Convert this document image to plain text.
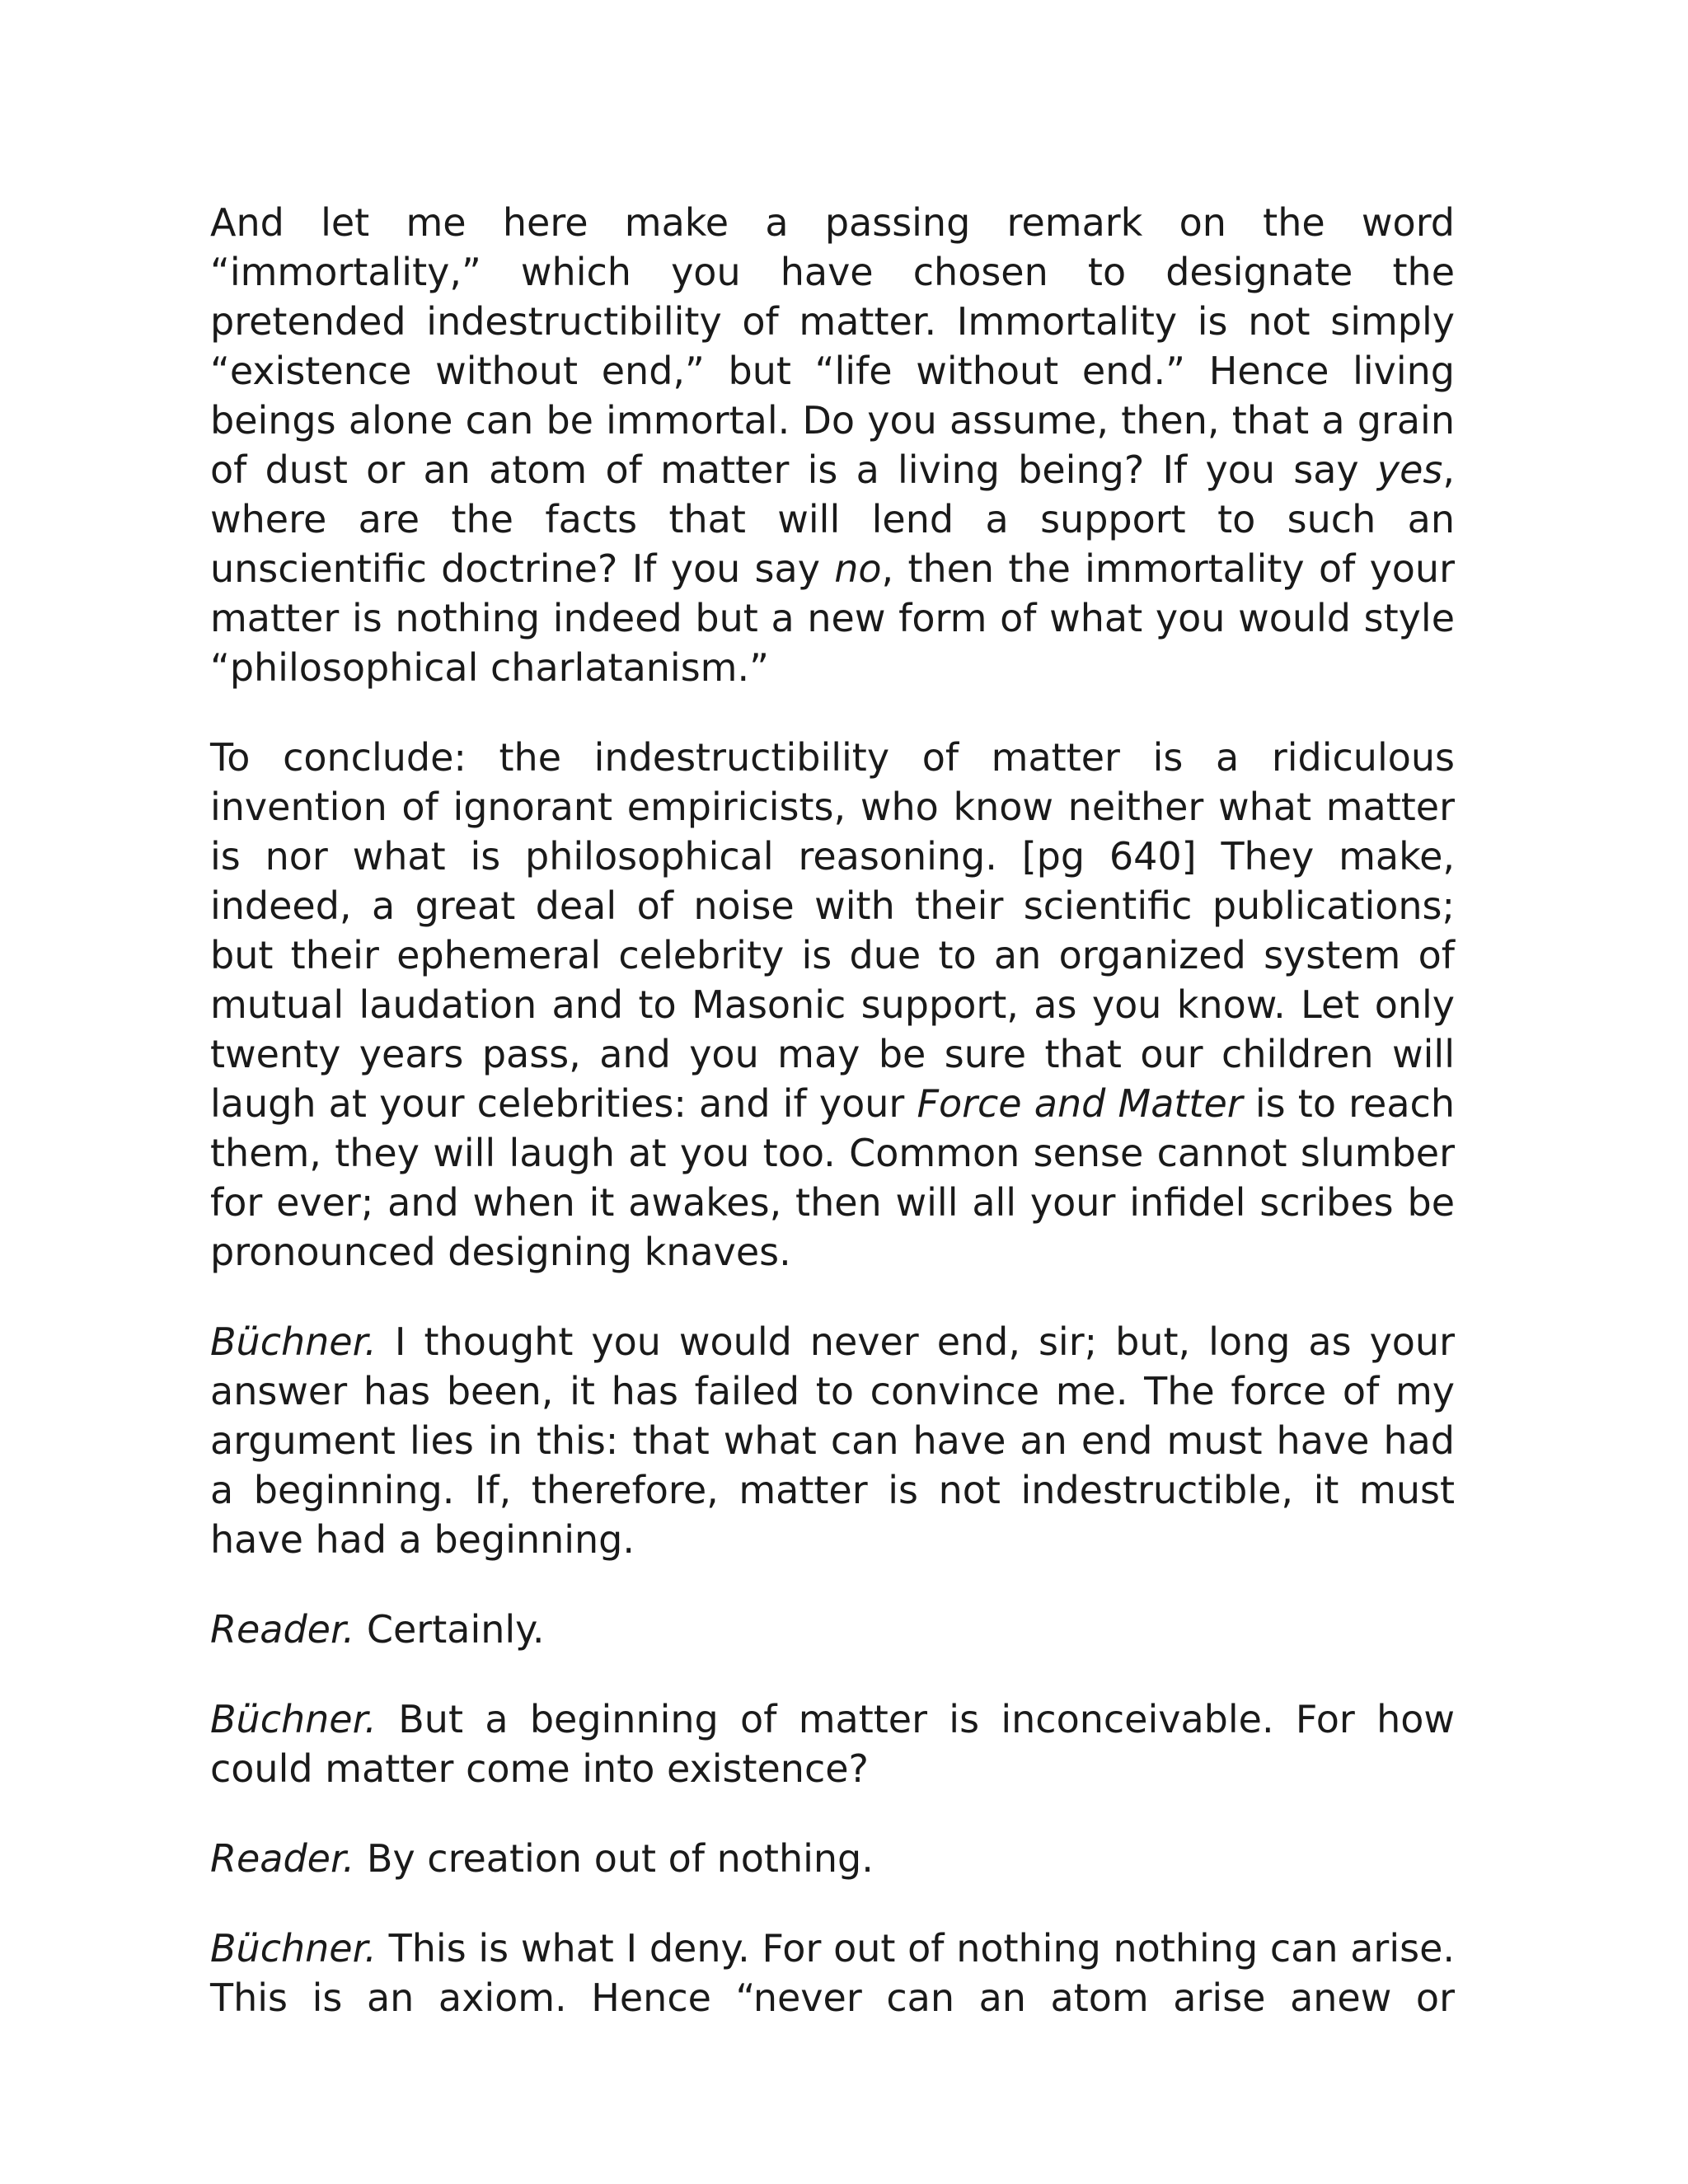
And let me here make a passing remark on the word “immortality,” which you have chosen to designate the pretended indestructibility of matter. Immortality is not simply “existence without end,” but “life without end.” Hence living beings alone can be immortal. Do you assume, then, that a grain of dust or an atom of matter is a living being? If you say yes, where are the facts that will lend a support to such an unscientific doctrine? If you say no, then the immortality of your matter is nothing indeed but a new form of what you would style “philosophical charlatanism.”

To conclude: the indestructibility of matter is a ridiculous invention of ignorant empiricists, who know neither what matter is nor what is philosophical reasoning. [pg 640] They make, indeed, a great deal of noise with their scientific publications; but their ephemeral celebrity is due to an organized system of mutual laudation and to Masonic support, as you know. Let only twenty years pass, and you may be sure that our children will laugh at your celebrities: and if your Force and Matter is to reach them, they will laugh at you too. Common sense cannot slumber for ever; and when it awakes, then will all your infidel scribes be pronounced designing knaves.

Büchner. I thought you would never end, sir; but, long as your answer has been, it has failed to convince me. The force of my argument lies in this: that what can have an end must have had a beginning. If, therefore, matter is not indestructible, it must have had a beginning.

Reader. Certainly.

Büchner. But a beginning of matter is inconceivable. For how could matter come into existence?

Reader. By creation out of nothing.

Büchner. This is what I deny. For out of nothing nothing can arise. This is an axiom. Hence “never can an atom arise anew or
